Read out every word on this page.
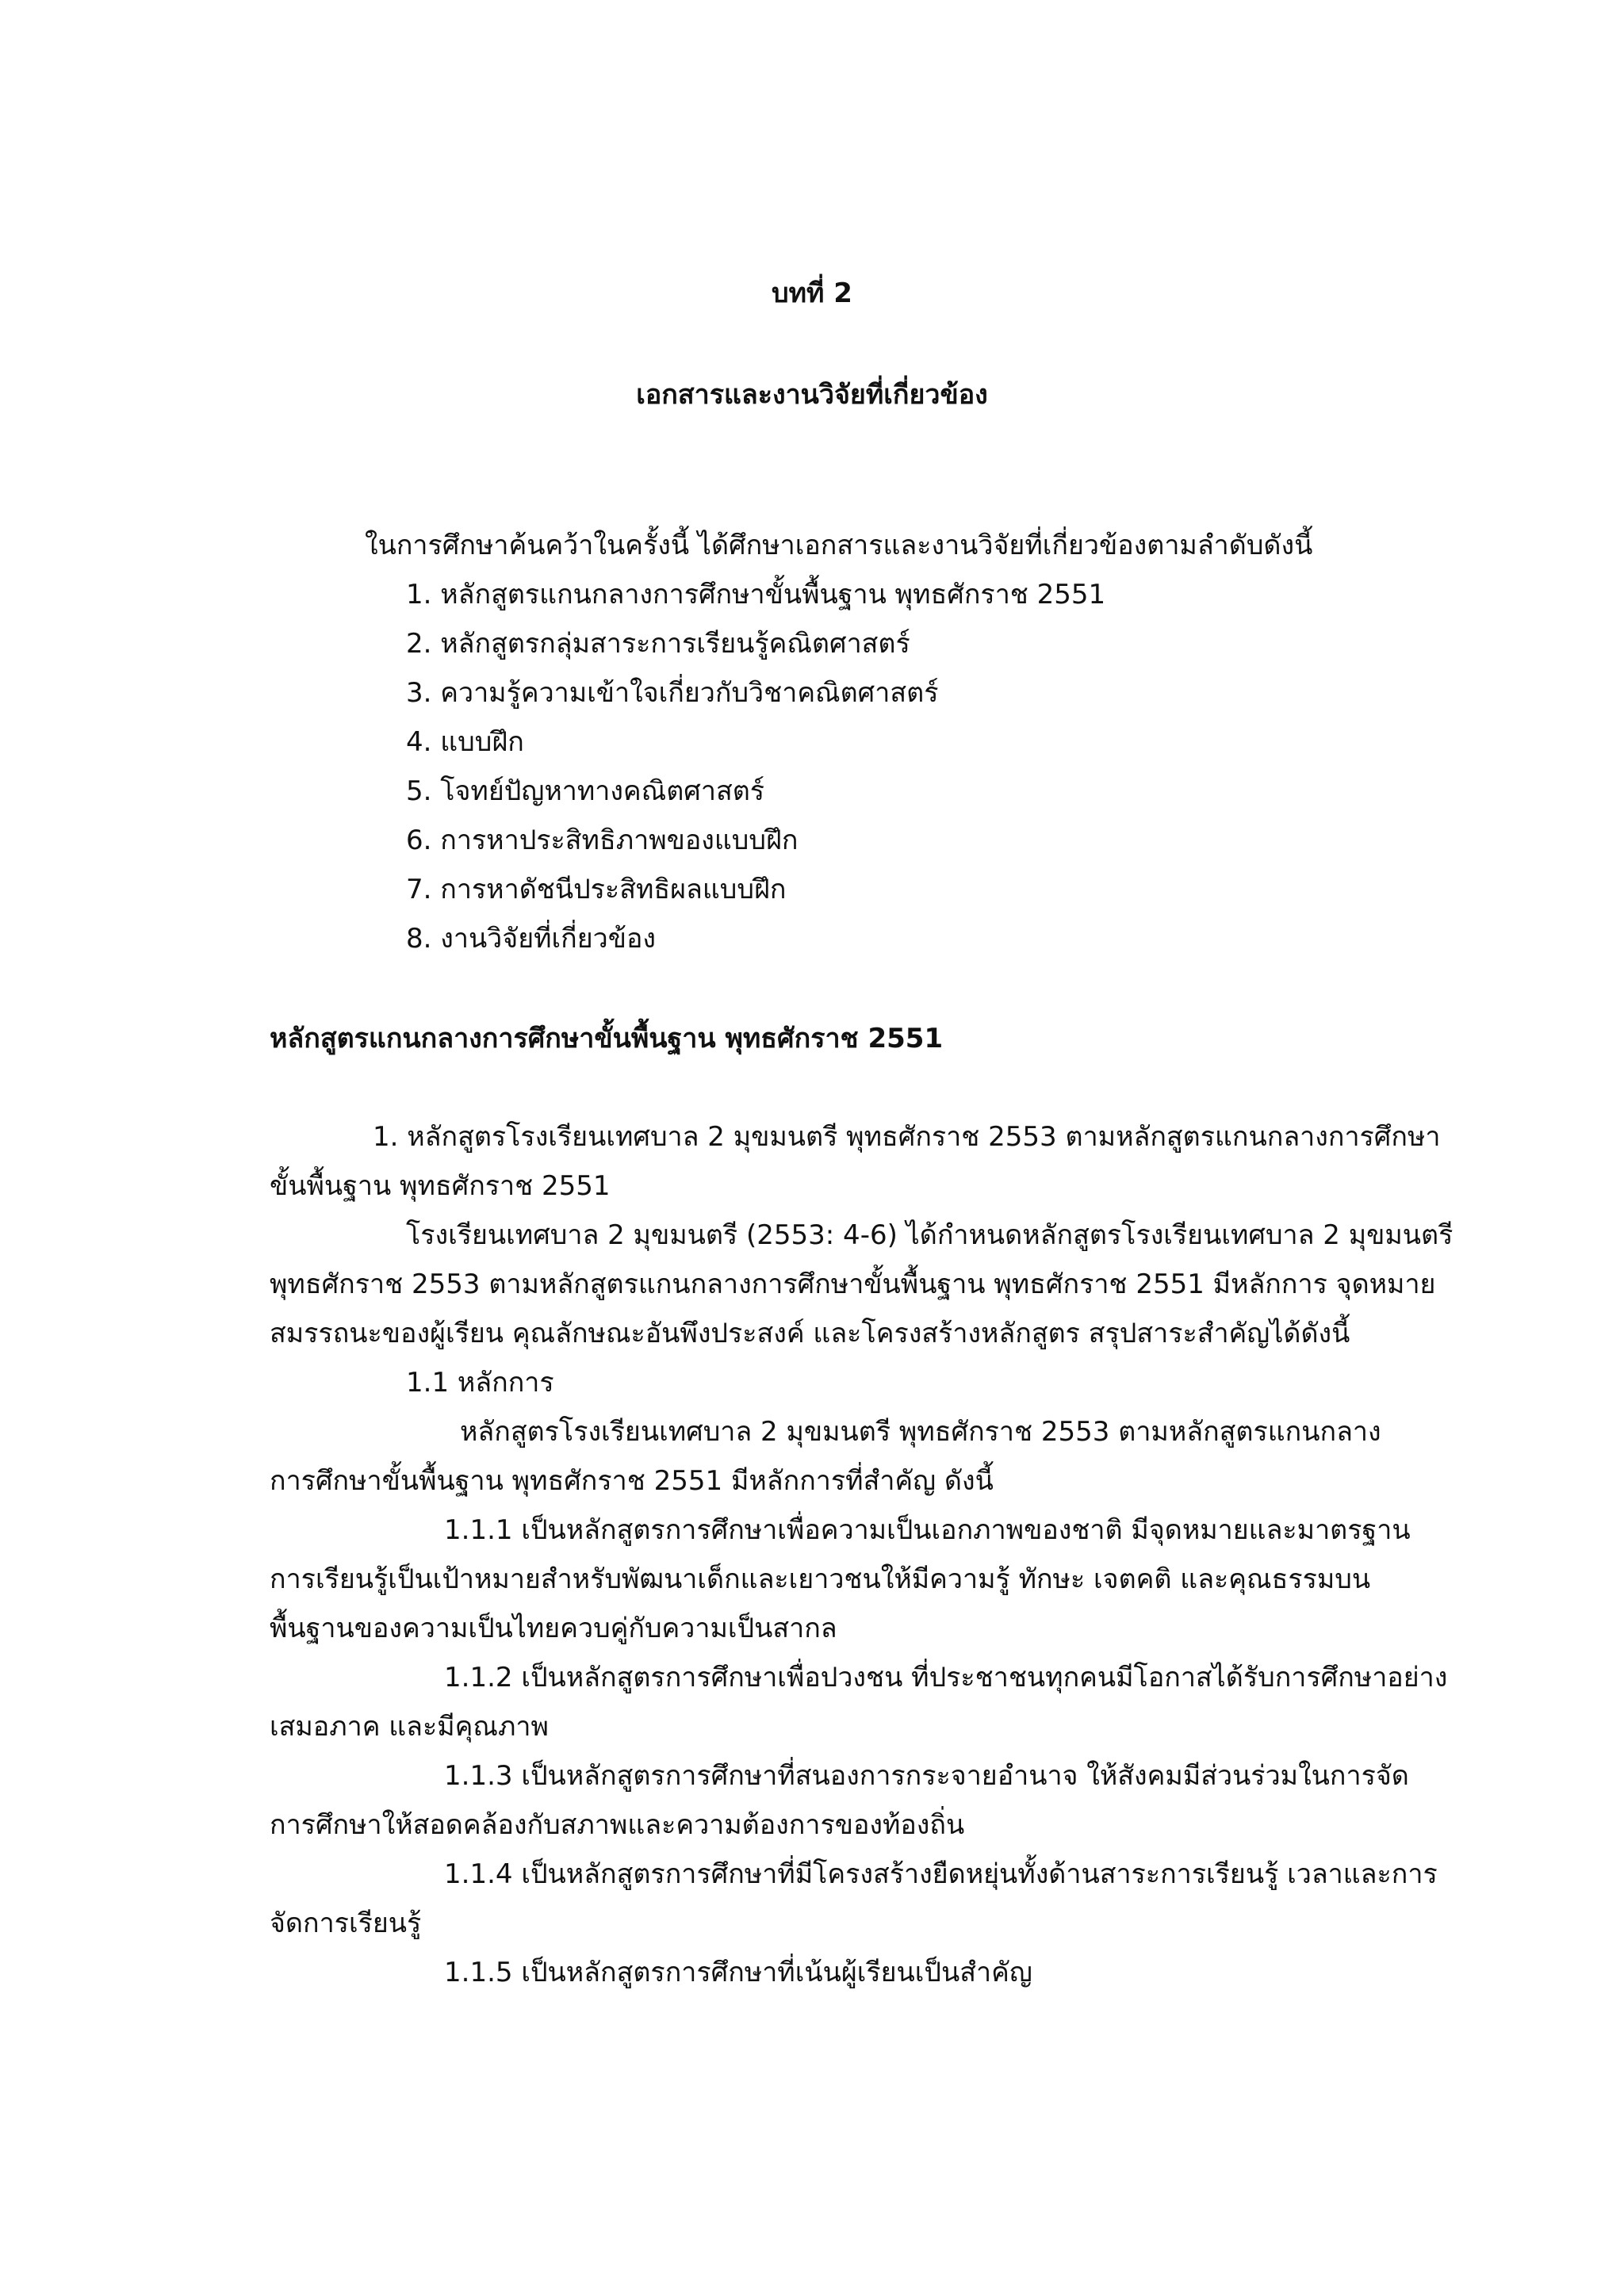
บทที่ 2

เอกสารและงานวิจัยที่เกี่ยวข้อง

ในการศึกษาค้นคว้าในครั้งนี้ ได้ศึกษาเอกสารและงานวิจัยที่เกี่ยวข้องตามลำดับดังนี้

1. หลักสูตรแกนกลางการศึกษาขั้นพื้นฐาน พุทธศักราช 2551

2. หลักสูตรกลุ่มสาระการเรียนรู้คณิตศาสตร์

3. ความรู้ความเข้าใจเกี่ยวกับวิชาคณิตศาสตร์

4. แบบฝึก

5. โจทย์ปัญหาทางคณิตศาสตร์

6. การหาประสิทธิภาพของแบบฝึก

7. การหาดัชนีประสิทธิผลแบบฝึก

8. งานวิจัยที่เกี่ยวข้อง

หลักสูตรแกนกลางการศึกษาขั้นพื้นฐาน พุทธศักราช 2551

1. หลักสูตรโรงเรียนเทศบาล 2 มุขมนตรี พุทธศักราช 2553 ตามหลักสูตรแกนกลางการศึกษา

ขั้นพื้นฐาน พุทธศักราช 2551

โรงเรียนเทศบาล 2 มุขมนตรี (2553: 4-6) ได้กำหนดหลักสูตรโรงเรียนเทศบาล 2 มุขมนตรี

พุทธศักราช 2553 ตามหลักสูตรแกนกลางการศึกษาขั้นพื้นฐาน พุทธศักราช 2551 มีหลักการ จุดหมาย

สมรรถนะของผู้เรียน คุณลักษณะอันพึงประสงค์ และโครงสร้างหลักสูตร สรุปสาระสำคัญได้ดังนี้

1.1 หลักการ

หลักสูตรโรงเรียนเทศบาล 2 มุขมนตรี พุทธศักราช 2553 ตามหลักสูตรแกนกลาง

การศึกษาขั้นพื้นฐาน พุทธศักราช 2551 มีหลักการที่สำคัญ ดังนี้

1.1.1 เป็นหลักสูตรการศึกษาเพื่อความเป็นเอกภาพของชาติ มีจุดหมายและมาตรฐาน

การเรียนรู้เป็นเป้าหมายสำหรับพัฒนาเด็กและเยาวชนให้มีความรู้ ทักษะ เจตคติ และคุณธรรมบน

พื้นฐานของความเป็นไทยควบคู่กับความเป็นสากล

1.1.2 เป็นหลักสูตรการศึกษาเพื่อปวงชน ที่ประชาชนทุกคนมีโอกาสได้รับการศึกษาอย่าง

เสมอภาค และมีคุณภาพ

1.1.3 เป็นหลักสูตรการศึกษาที่สนองการกระจายอำนาจ ให้สังคมมีส่วนร่วมในการจัด

การศึกษาให้สอดคล้องกับสภาพและความต้องการของท้องถิ่น

1.1.4 เป็นหลักสูตรการศึกษาที่มีโครงสร้างยืดหยุ่นทั้งด้านสาระการเรียนรู้ เวลาและการ

จัดการเรียนรู้

1.1.5 เป็นหลักสูตรการศึกษาที่เน้นผู้เรียนเป็นสำคัญ
